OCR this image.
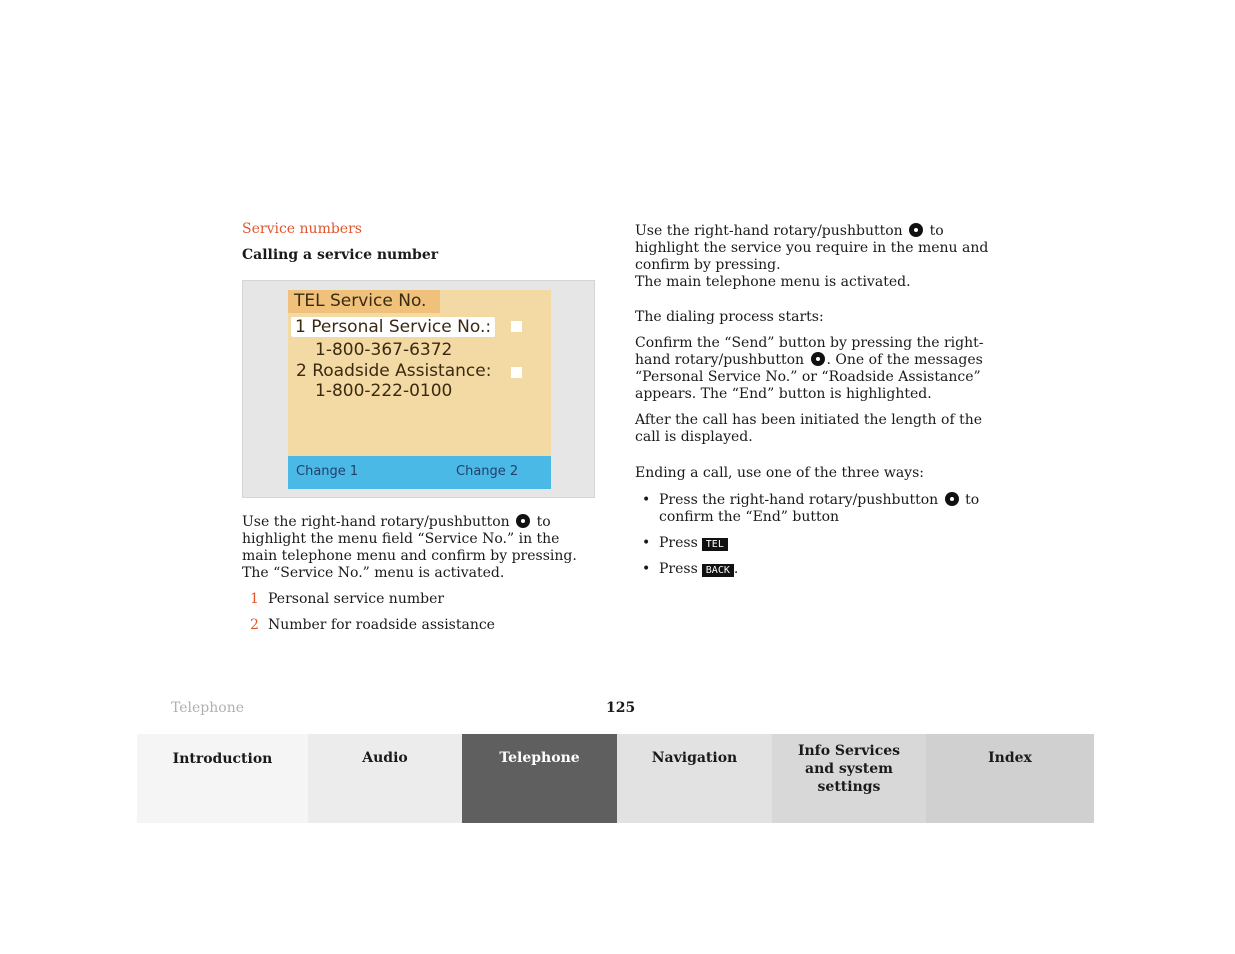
Service numbers
Calling a service number
TEL Service No.
1 Personal Service No.:
1-800-367-6372
2 Roadside Assistance:
1-800-222-0100
Change 1	Change 2

Use the right-hand rotary/pushbutton to highlight the menu field “Service No.” in the main telephone menu and confirm by pressing.

The “Service No.” menu is activated.

1 Personal service number

2 Number for roadside assistance

Use the right-hand rotary/pushbutton to highlight the service you require in the menu and confirm by pressing.

The main telephone menu is activated.

The dialing process starts:

Confirm the “Send” button by pressing the right-hand rotary/pushbutton . One of the messages “Personal Service No.” or “Roadside Assistance” appears. The “End” button is highlighted.

After the call has been initiated the length of the call is displayed.

Ending a call, use one of the three ways:

• Press the right-hand rotary/pushbutton to confirm the “End” button
• Press TEL
• Press BACK .
Telephone	125
Introduction	Audio	Telephone	Navigation	Info Services and system settings
Index
